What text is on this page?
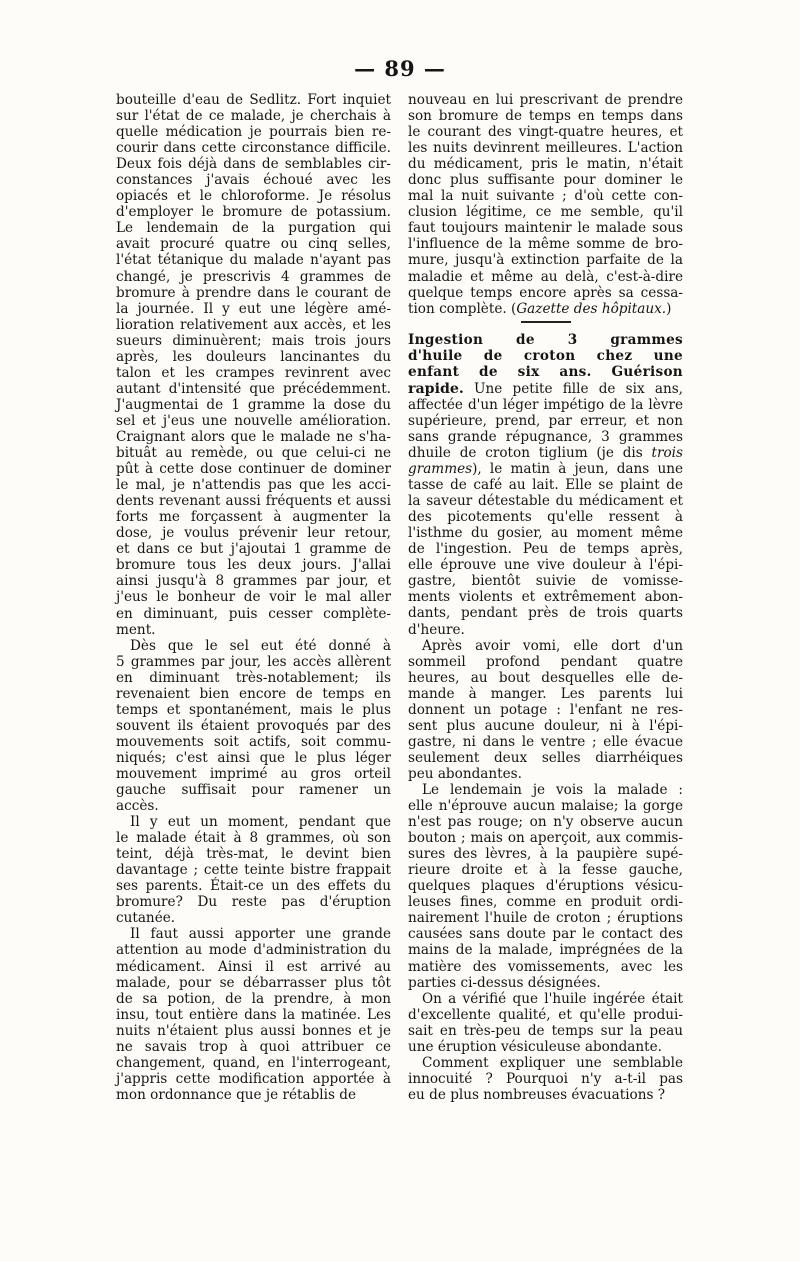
— 89 —
bouteille d'eau de Sedlitz. Fort inquiet
sur l'état de ce malade, je cherchais à
quelle médication je pourrais bien re-
courir dans cette circonstance difficile.
Deux fois déjà dans de semblables cir-
constances j'avais échoué avec les
opiacés et le chloroforme. Je résolus
d'employer le bromure de potassium.
Le lendemain de la purgation qui
avait procuré quatre ou cinq selles,
l'état tétanique du malade n'ayant pas
changé, je prescrivis 4 grammes de
bromure à prendre dans le courant de
la journée. Il y eut une légère amé-
lioration relativement aux accès, et les
sueurs diminuèrent; mais trois jours
après, les douleurs lancinantes du
talon et les crampes revinrent avec
autant d'intensité que précédemment.
J'augmentai de 1 gramme la dose du
sel et j'eus une nouvelle amélioration.
Craignant alors que le malade ne s'ha-
bituât au remède, ou que celui-ci ne
pût à cette dose continuer de dominer
le mal, je n'attendis pas que les acci-
dents revenant aussi fréquents et aussi
forts me forçassent à augmenter la
dose, je voulus prévenir leur retour,
et dans ce but j'ajoutai 1 gramme de
bromure tous les deux jours. J'allai
ainsi jusqu'à 8 grammes par jour, et
j'eus le bonheur de voir le mal aller
en diminuant, puis cesser complète-
ment.
Dès que le sel eut été donné à
5 grammes par jour, les accès allèrent
en diminuant très-notablement; ils
revenaient bien encore de temps en
temps et spontanément, mais le plus
souvent ils étaient provoqués par des
mouvements soit actifs, soit commu-
niqués; c'est ainsi que le plus léger
mouvement imprimé au gros orteil
gauche suffisait pour ramener un
accès.
Il y eut un moment, pendant que
le malade était à 8 grammes, où son
teint, déjà très-mat, le devint bien
davantage ; cette teinte bistre frappait
ses parents. Était-ce un des effets du
bromure? Du reste pas d'éruption
cutanée.
Il faut aussi apporter une grande
attention au mode d'administration du
médicament. Ainsi il est arrivé au
malade, pour se débarrasser plus tôt
de sa potion, de la prendre, à mon
insu, tout entière dans la matinée. Les
nuits n'étaient plus aussi bonnes et je
ne savais trop à quoi attribuer ce
changement, quand, en l'interrogeant,
j'appris cette modification apportée à
mon ordonnance que je rétablis de
nouveau en lui prescrivant de prendre
son bromure de temps en temps dans
le courant des vingt-quatre heures, et
les nuits devinrent meilleures. L'action
du médicament, pris le matin, n'était
donc plus suffisante pour dominer le
mal la nuit suivante ; d'où cette con-
clusion légitime, ce me semble, qu'il
faut toujours maintenir le malade sous
l'influence de la même somme de bro-
mure, jusqu'à extinction parfaite de la
maladie et même au delà, c'est-à-dire
quelque temps encore après sa cessa-
tion complète. (Gazette des hôpitaux.)
Ingestion de 3 grammes
d'huile de croton chez une
enfant de six ans. Guérison
rapide. Une petite fille de six ans,
affectée d'un léger impétigo de la lèvre
supérieure, prend, par erreur, et non
sans grande répugnance, 3 grammes
dhuile de croton tiglium (je dis trois
grammes), le matin à jeun, dans une
tasse de café au lait. Elle se plaint de
la saveur détestable du médicament et
des picotements qu'elle ressent à
l'isthme du gosier, au moment même
de l'ingestion. Peu de temps après,
elle éprouve une vive douleur à l'épi-
gastre, bientôt suivie de vomisse-
ments violents et extrêmement abon-
dants, pendant près de trois quarts
d'heure.
Après avoir vomi, elle dort d'un
sommeil profond pendant quatre
heures, au bout desquelles elle de-
mande à manger. Les parents lui
donnent un potage : l'enfant ne res-
sent plus aucune douleur, ni à l'épi-
gastre, ni dans le ventre ; elle évacue
seulement deux selles diarrhéiques
peu abondantes.
Le lendemain je vois la malade :
elle n'éprouve aucun malaise; la gorge
n'est pas rouge; on n'y observe aucun
bouton ; mais on aperçoit, aux commis-
sures des lèvres, à la paupière supé-
rieure droite et à la fesse gauche,
quelques plaques d'éruptions vésicu-
leuses fines, comme en produit ordi-
nairement l'huile de croton ; éruptions
causées sans doute par le contact des
mains de la malade, imprégnées de la
matière des vomissements, avec les
parties ci-dessus désignées.
On a vérifié que l'huile ingérée était
d'excellente qualité, et qu'elle produi-
sait en très-peu de temps sur la peau
une éruption vésiculeuse abondante.
Comment expliquer une semblable
innocuité ? Pourquoi n'y a-t-il pas
eu de plus nombreuses évacuations ?
